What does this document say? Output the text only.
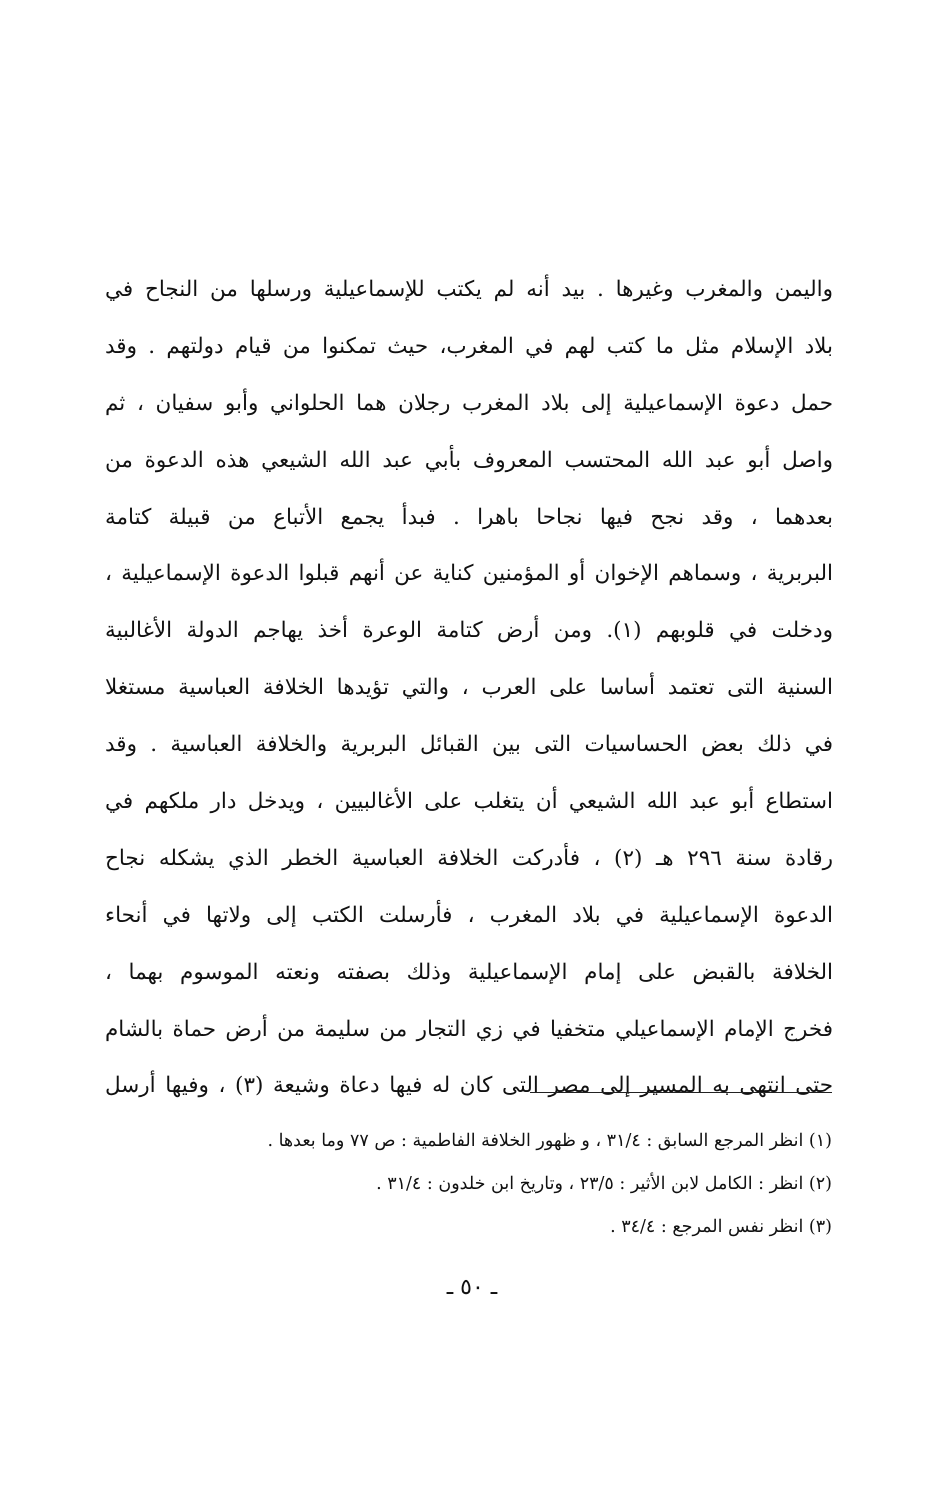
واليمن والمغرب وغيرها . بيد أنه لم يكتب للإسماعيلية ورسلها من النجاح في
بلاد الإسلام مثل ما كتب لهم في المغرب، حيث تمكنوا من قيام دولتهم . وقد
حمل دعوة الإسماعيلية إلى بلاد المغرب رجلان هما الحلواني وأبو سفيان ، ثم
واصل أبو عبد الله المحتسب المعروف بأبي عبد الله الشيعي هذه الدعوة من
بعدهما ، وقد نجح فيها نجاحا باهرا . فبدأ يجمع الأتباع من قبيلة كتامة
البربرية ، وسماهم الإخوان أو المؤمنين كناية عن أنهم قبلوا الدعوة الإسماعيلية ،
ودخلت في قلوبهم (١). ومن أرض كتامة الوعرة أخذ يهاجم الدولة الأغالبية
السنية التى تعتمد أساسا على العرب ، والتي تؤيدها الخلافة العباسية مستغلا
في ذلك بعض الحساسيات التى بين القبائل البربرية والخلافة العباسية . وقد
استطاع أبو عبد الله الشيعي أن يتغلب على الأغالبيين ، ويدخل دار ملكهم في
رقادة سنة ٢٩٦ هـ (٢) ، فأدركت الخلافة العباسية الخطر الذي يشكله نجاح
الدعوة الإسماعيلية في بلاد المغرب ، فأرسلت الكتب إلى ولاتها في أنحاء
الخلافة بالقبض على إمام الإسماعيلية وذلك بصفته ونعته الموسوم بهما ،
فخرج الإمام الإسماعيلي متخفيا في زي التجار من سليمة من أرض حماة بالشام
حتى انتهى به المسير إلى مصر التى كان له فيها دعاة وشيعة (٣) ، وفيها أرسل
(١) انظر المرجع السابق : ٣١/٤ ، و ظهور الخلافة الفاطمية : ص ٧٧ وما بعدها .
(٢) انظر : الكامل لابن الأثير : ٢٣/٥ ، وتاريخ ابن خلدون : ٣١/٤ .
(٣) انظر نفس المرجع : ٣٤/٤ .
ـ ٥٠ ـ
